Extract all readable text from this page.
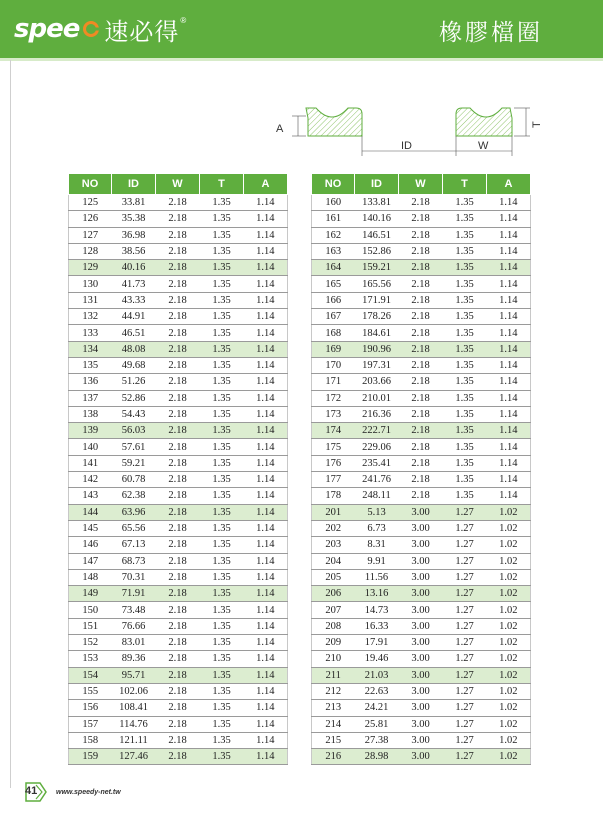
spee 速必得 ®	橡膠檔圈
A	T
ID	W
NO	ID	W	T	A
125	33.81	2.18	1.35	1.14
126	35.38	2.18	1.35	1.14
127	36.98	2.18	1.35	1.14
128	38.56	2.18	1.35	1.14
129	40.16	2.18	1.35	1.14
130	41.73	2.18	1.35	1.14
131	43.33	2.18	1.35	1.14
132	44.91	2.18	1.35	1.14
133	46.51	2.18	1.35	1.14
134	48.08	2.18	1.35	1.14
135	49.68	2.18	1.35	1.14
136	51.26	2.18	1.35	1.14
137	52.86	2.18	1.35	1.14
138	54.43	2.18	1.35	1.14
139	56.03	2.18	1.35	1.14
140	57.61	2.18	1.35	1.14
141	59.21	2.18	1.35	1.14
142	60.78	2.18	1.35	1.14
143	62.38	2.18	1.35	1.14
144	63.96	2.18	1.35	1.14
145	65.56	2.18	1.35	1.14
146	67.13	2.18	1.35	1.14
147	68.73	2.18	1.35	1.14
148	70.31	2.18	1.35	1.14
149	71.91	2.18	1.35	1.14
150	73.48	2.18	1.35	1.14
151	76.66	2.18	1.35	1.14
152	83.01	2.18	1.35	1.14
153	89.36	2.18	1.35	1.14
154	95.71	2.18	1.35	1.14
155	102.06	2.18	1.35	1.14
156	108.41	2.18	1.35	1.14
157	114.76	2.18	1.35	1.14
158	121.11	2.18	1.35	1.14
159	127.46	2.18	1.35	1.14
NO	ID	W	T	A
160	133.81	2.18	1.35	1.14
161	140.16	2.18	1.35	1.14
162	146.51	2.18	1.35	1.14
163	152.86	2.18	1.35	1.14
164	159.21	2.18	1.35	1.14
165	165.56	2.18	1.35	1.14
166	171.91	2.18	1.35	1.14
167	178.26	2.18	1.35	1.14
168	184.61	2.18	1.35	1.14
169	190.96	2.18	1.35	1.14
170	197.31	2.18	1.35	1.14
171	203.66	2.18	1.35	1.14
172	210.01	2.18	1.35	1.14
173	216.36	2.18	1.35	1.14
174	222.71	2.18	1.35	1.14
175	229.06	2.18	1.35	1.14
176	235.41	2.18	1.35	1.14
177	241.76	2.18	1.35	1.14
178	248.11	2.18	1.35	1.14
201	5.13	3.00	1.27	1.02
202	6.73	3.00	1.27	1.02
203	8.31	3.00	1.27	1.02
204	9.91	3.00	1.27	1.02
205	11.56	3.00	1.27	1.02
206	13.16	3.00	1.27	1.02
207	14.73	3.00	1.27	1.02
208	16.33	3.00	1.27	1.02
209	17.91	3.00	1.27	1.02
210	19.46	3.00	1.27	1.02
211	21.03	3.00	1.27	1.02
212	22.63	3.00	1.27	1.02
213	24.21	3.00	1.27	1.02
214	25.81	3.00	1.27	1.02
215	27.38	3.00	1.27	1.02
216	28.98	3.00	1.27	1.02
41	www.speedy-net.tw
